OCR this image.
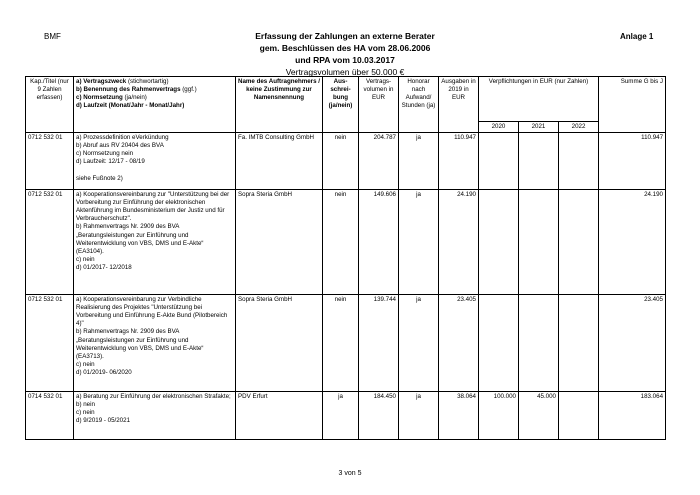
BMF	Anlage 1
Erfassung der Zahlungen an externe Berater
gem. Beschlüssen des HA vom 28.06.2006
und RPA vom 10.03.2017
Vertragsvolumen über 50.000 €
Kap./Titel (nur 9 Zahlen erfassen)	a) Vertragszweck (stichwortartig)
b) Benennung des Rahmenvertrags (ggf.)
c) Normsetzung (ja/nein)
d) Laufzeit (Monat/Jahr - Monat/Jahr)	Name des Auftragnehmers / keine Zustimmung zur Namensnennung	Aus- schrei- bung (ja/nein)	Vertrags- volumen in EUR	Honorar nach Aufwand/ Stunden (ja)	Ausgaben in 2019 in EUR	Verpflichtungen in EUR (nur Zahlen)			Summe G bis J
							2020	2021	2022	
0712 532 01	a) Prozessdefinition eVerkündung
b) Abruf aus RV 20404 des BVA
c) Normsetzung nein
d) Laufzeit: 12/17 - 08/19

siehe Fußnote 2)	Fa. IMTB Consulting GmbH	nein	204.787	ja	110.947				110.947
0712 532 01	a) Kooperationsvereinbarung zur "Unterstützung bei der Vorbereitung zur Einführung der elektronischen Aktenführung im Bundesministerium der Justiz und für Verbraucherschutz".
b) Rahmenvertrags Nr. 2909 des BVA „Beratungsleistungen zur Einführung und Weiterentwicklung von VBS, DMS und E-Akte“ (EA3104).
c) nein
d) 01/2017- 12/2018	Sopra Steria GmbH	nein	149.606	ja	24.190				24.190
0712 532 01	a) Kooperationsvereinbarung zur Verbindliche Realisierung des Projektes "Unterstützung bei Vorbereitung und Einführung E-Akte Bund (Pilotbereich 4)"
b) Rahmenvertrags Nr. 2909 des BVA „Beratungsleistungen zur Einführung und Weiterentwicklung von VBS, DMS und E-Akte“ (EA3713).
c) nein
d) 01/2019- 06/2020	Sopra Steria GmbH	nein	139.744	ja	23.405				23.405
0714 532 01	a) Beratung zur Einführung der elektronischen Strafakte;
b) nein
c) nein
d) 9/2019 - 05/2021	PDV Erfurt	ja	184.450	ja	38.064	100.000	45.000		183.064
3 von 5
